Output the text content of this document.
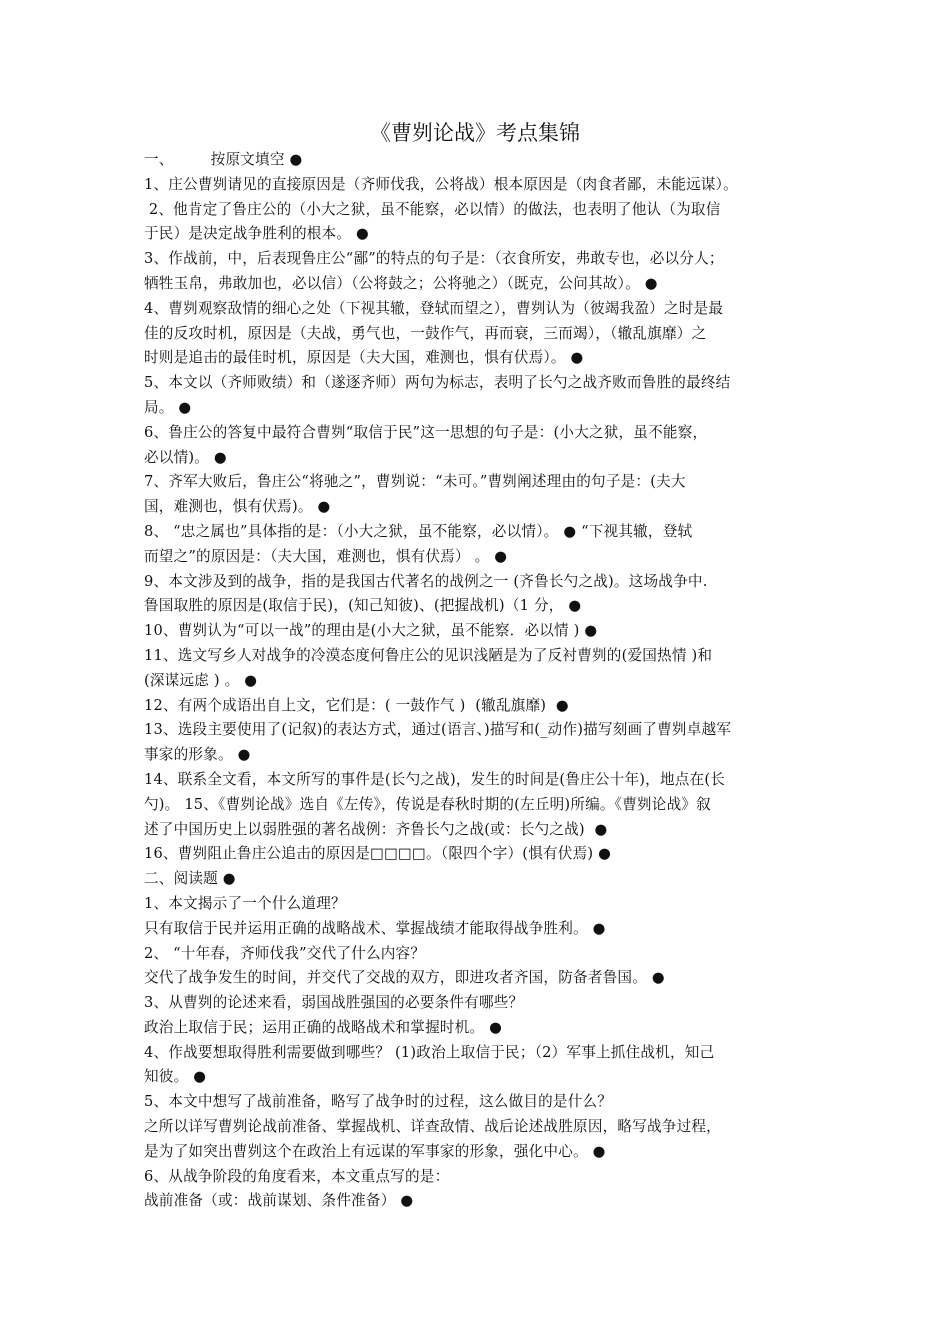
《曹刿论战》考点集锦
一、　　　按原文填空 ●
1、庄公曹刿请见的直接原因是（齐师伐我，公将战）根本原因是（肉食者鄙，未能远谋）。
2、他肯定了鲁庄公的（小大之狱，虽不能察，必以情）的做法，也表明了他认（为取信
于民）是决定战争胜利的根本。 ●
3、作战前，中，后表现鲁庄公“鄙”的特点的句子是：（衣食所安，弗敢专也，必以分人；
牺牲玉帛，弗敢加也，必以信）（公将鼓之；公将驰之）（既克，公问其故）。 ●
4、曹刿观察敌情的细心之处（下视其辙，登轼而望之），曹刿认为（彼竭我盈）之时是最
佳的反攻时机，原因是（夫战，勇气也，一鼓作气，再而衰，三而竭），（辙乱旗靡）之
时则是追击的最佳时机，原因是（夫大国，难测也，惧有伏焉）。 ●
5、本文以（齐师败绩）和（遂逐齐师）两句为标志，表明了长勺之战齐败而鲁胜的最终结
局。 ●
6、鲁庄公的答复中最符合曹刿“取信于民”这一思想的句子是：(小大之狱，虽不能察，
必以情)。 ●
7、齐军大败后，鲁庄公“将驰之”，曹刿说：“未可。”曹刿阐述理由的句子是：(夫大
国，难测也，惧有伏焉)。 ●
8、 “忠之属也”具体指的是：（小大之狱，虽不能察，必以情）。 ● “下视其辙，登轼
而望之”的原因是：（夫大国，难测也，惧有伏焉） 。 ●
9、本文涉及到的战争，指的是我国古代著名的战例之一 (齐鲁长勺之战)。这场战争中.
鲁国取胜的原因是(取信于民)，(知己知彼)、(把握战机)（1 分， ●
10、曹刿认为“可以一战”的理由是(小大之狱，虽不能察．必以情 ) ●
11、选文写乡人对战争的冷漠态度何鲁庄公的见识浅陋是为了反衬曹刿的(爱国热情 )和
(深谋远虑 ) 。 ●
12、有两个成语出自上文，它们是：( 一鼓作气 )  (辙乱旗靡)  ●
13、选段主要使用了(记叙)的表达方式，通过(语言、)描写和(_动作)描写刻画了曹刿卓越军
事家的形象。 ●
14、联系全文看，本文所写的事件是(长勺之战)，发生的时间是(鲁庄公十年)，地点在(长
勺)。 15、《曹刿论战》选自《左传》，传说是春秋时期的(左丘明)所编。《曹刿论战》叙
述了中国历史上以弱胜强的著名战例：齐鲁长勺之战(或：长勺之战)  ●
16、曹刿阻止鲁庄公追击的原因是□□□□。（限四个字）(惧有伏焉) ●
二、阅读题 ●
1、本文揭示了一个什么道理？
只有取信于民并运用正确的战略战术、掌握战绩才能取得战争胜利。 ●
2、 “十年春，齐师伐我”交代了什么内容？
交代了战争发生的时间，并交代了交战的双方，即进攻者齐国，防备者鲁国。 ●
3、从曹刿的论述来看，弱国战胜强国的必要条件有哪些？
政治上取信于民；运用正确的战略战术和掌握时机。 ●
4、作战要想取得胜利需要做到哪些？ (1)政治上取信于民；（2）军事上抓住战机，知己
知彼。 ●
5、本文中想写了战前准备，略写了战争时的过程，这么做目的是什么？
之所以详写曹刿论战前准备、掌握战机、详查敌情、战后论述战胜原因，略写战争过程，
是为了如突出曹刿这个在政治上有远谋的军事家的形象，强化中心。 ●
6、从战争阶段的角度看来，本文重点写的是：
战前准备（或：战前谋划、条件准备） ●
